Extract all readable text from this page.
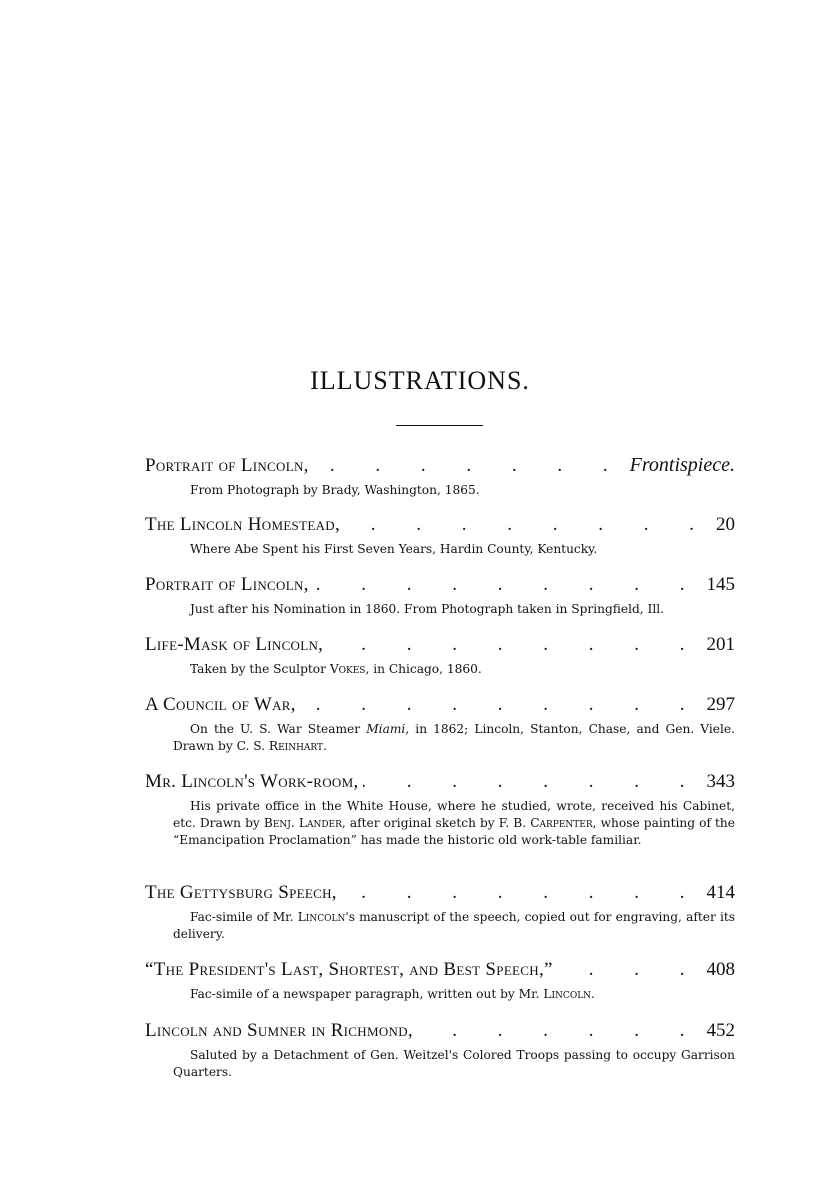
ILLUSTRATIONS.
Portrait of Lincoln, . . .	Frontispiece.
From Photograph by Brady, Washington, 1865.
The Lincoln Homestead, . . .	20
Where Abe Spent his First Seven Years, Hardin County, Kentucky.
Portrait of Lincoln, . . .	145
Just after his Nomination in 1860. From Photograph taken in Springfield, Ill.
Life-Mask of Lincoln, . . .	201
Taken by the Sculptor Vokes, in Chicago, 1860.
A Council of War, . . .	297
On the U. S. War Steamer Miami, in 1862; Lincoln, Stanton, Chase, and Gen. Viele. Drawn by C. S. Reinhart.
Mr. Lincoln's Work-room, . . .	343
His private office in the White House, where he studied, wrote, received his Cabinet, etc. Drawn by Benj. Lander, after original sketch by F. B. Carpenter, whose painting of the “Emancipation Proclamation” has made the historic old work-table familiar.
The Gettysburg Speech, . . .	414
Fac-simile of Mr. Lincoln's manuscript of the speech, copied out for engraving, after its delivery.
“The President's Last, Shortest, and Best Speech,” . . .	408
Fac-simile of a newspaper paragraph, written out by Mr. Lincoln.
Lincoln and Sumner in Richmond, . . .	452
Saluted by a Detachment of Gen. Weitzel's Colored Troops passing to occupy Garrison Quarters.
